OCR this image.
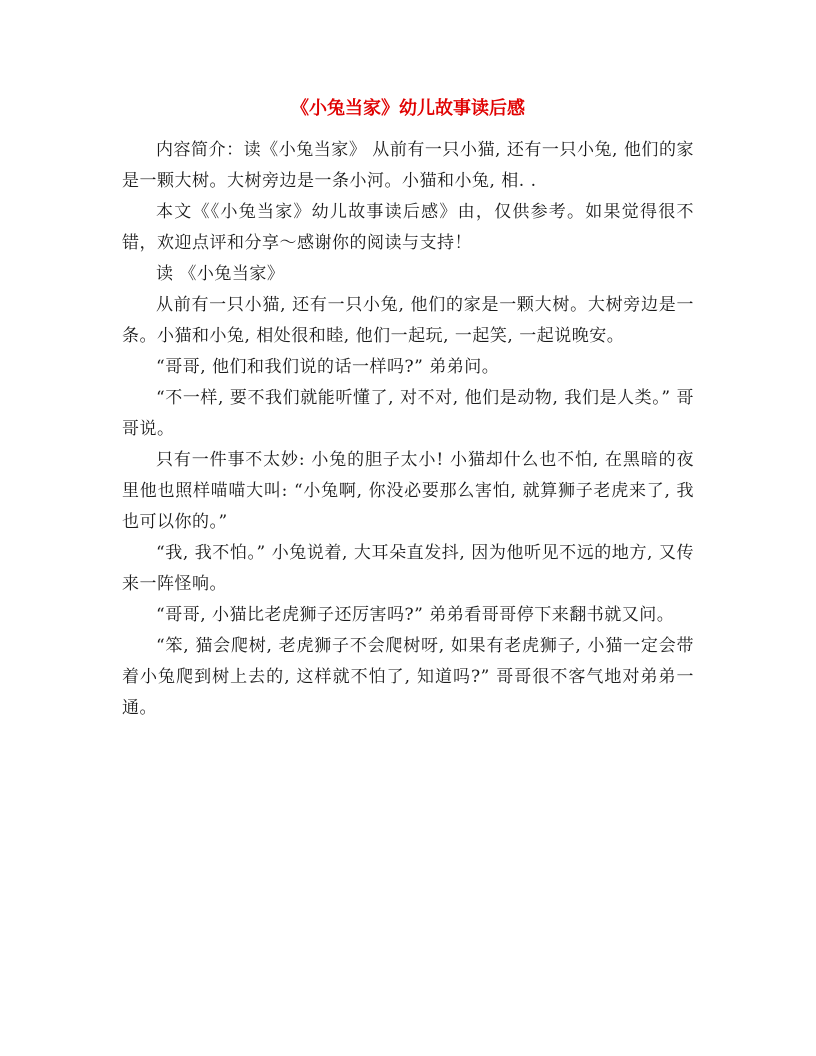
《小兔当家》幼儿故事读后感

内容简介：读《小兔当家》 从前有一只小猫, 还有一只小兔, 他们的家是一颗大树。大树旁边是一条小河。小猫和小兔, 相. .

本文《《小兔当家》幼儿故事读后感》由，仅供参考。如果觉得很不错，欢迎点评和分享～感谢你的阅读与支持！

读 《小兔当家》

从前有一只小猫, 还有一只小兔, 他们的家是一颗大树。大树旁边是一条。小猫和小兔, 相处很和睦, 他们一起玩, 一起笑, 一起说晚安。

“哥哥, 他们和我们说的话一样吗?” 弟弟问。

“不一样, 要不我们就能听懂了, 对不对, 他们是动物, 我们是人类。” 哥哥说。

只有一件事不太妙: 小兔的胆子太小! 小猫却什么也不怕, 在黑暗的夜里他也照样喵喵大叫: “小兔啊, 你没必要那么害怕, 就算狮子老虎来了, 我也可以你的。”

“我, 我不怕。” 小兔说着, 大耳朵直发抖, 因为他听见不远的地方, 又传来一阵怪响。

“哥哥, 小猫比老虎狮子还厉害吗?” 弟弟看哥哥停下来翻书就又问。

“笨, 猫会爬树, 老虎狮子不会爬树呀, 如果有老虎狮子, 小猫一定会带着小兔爬到树上去的, 这样就不怕了, 知道吗?” 哥哥很不客气地对弟弟一通。
